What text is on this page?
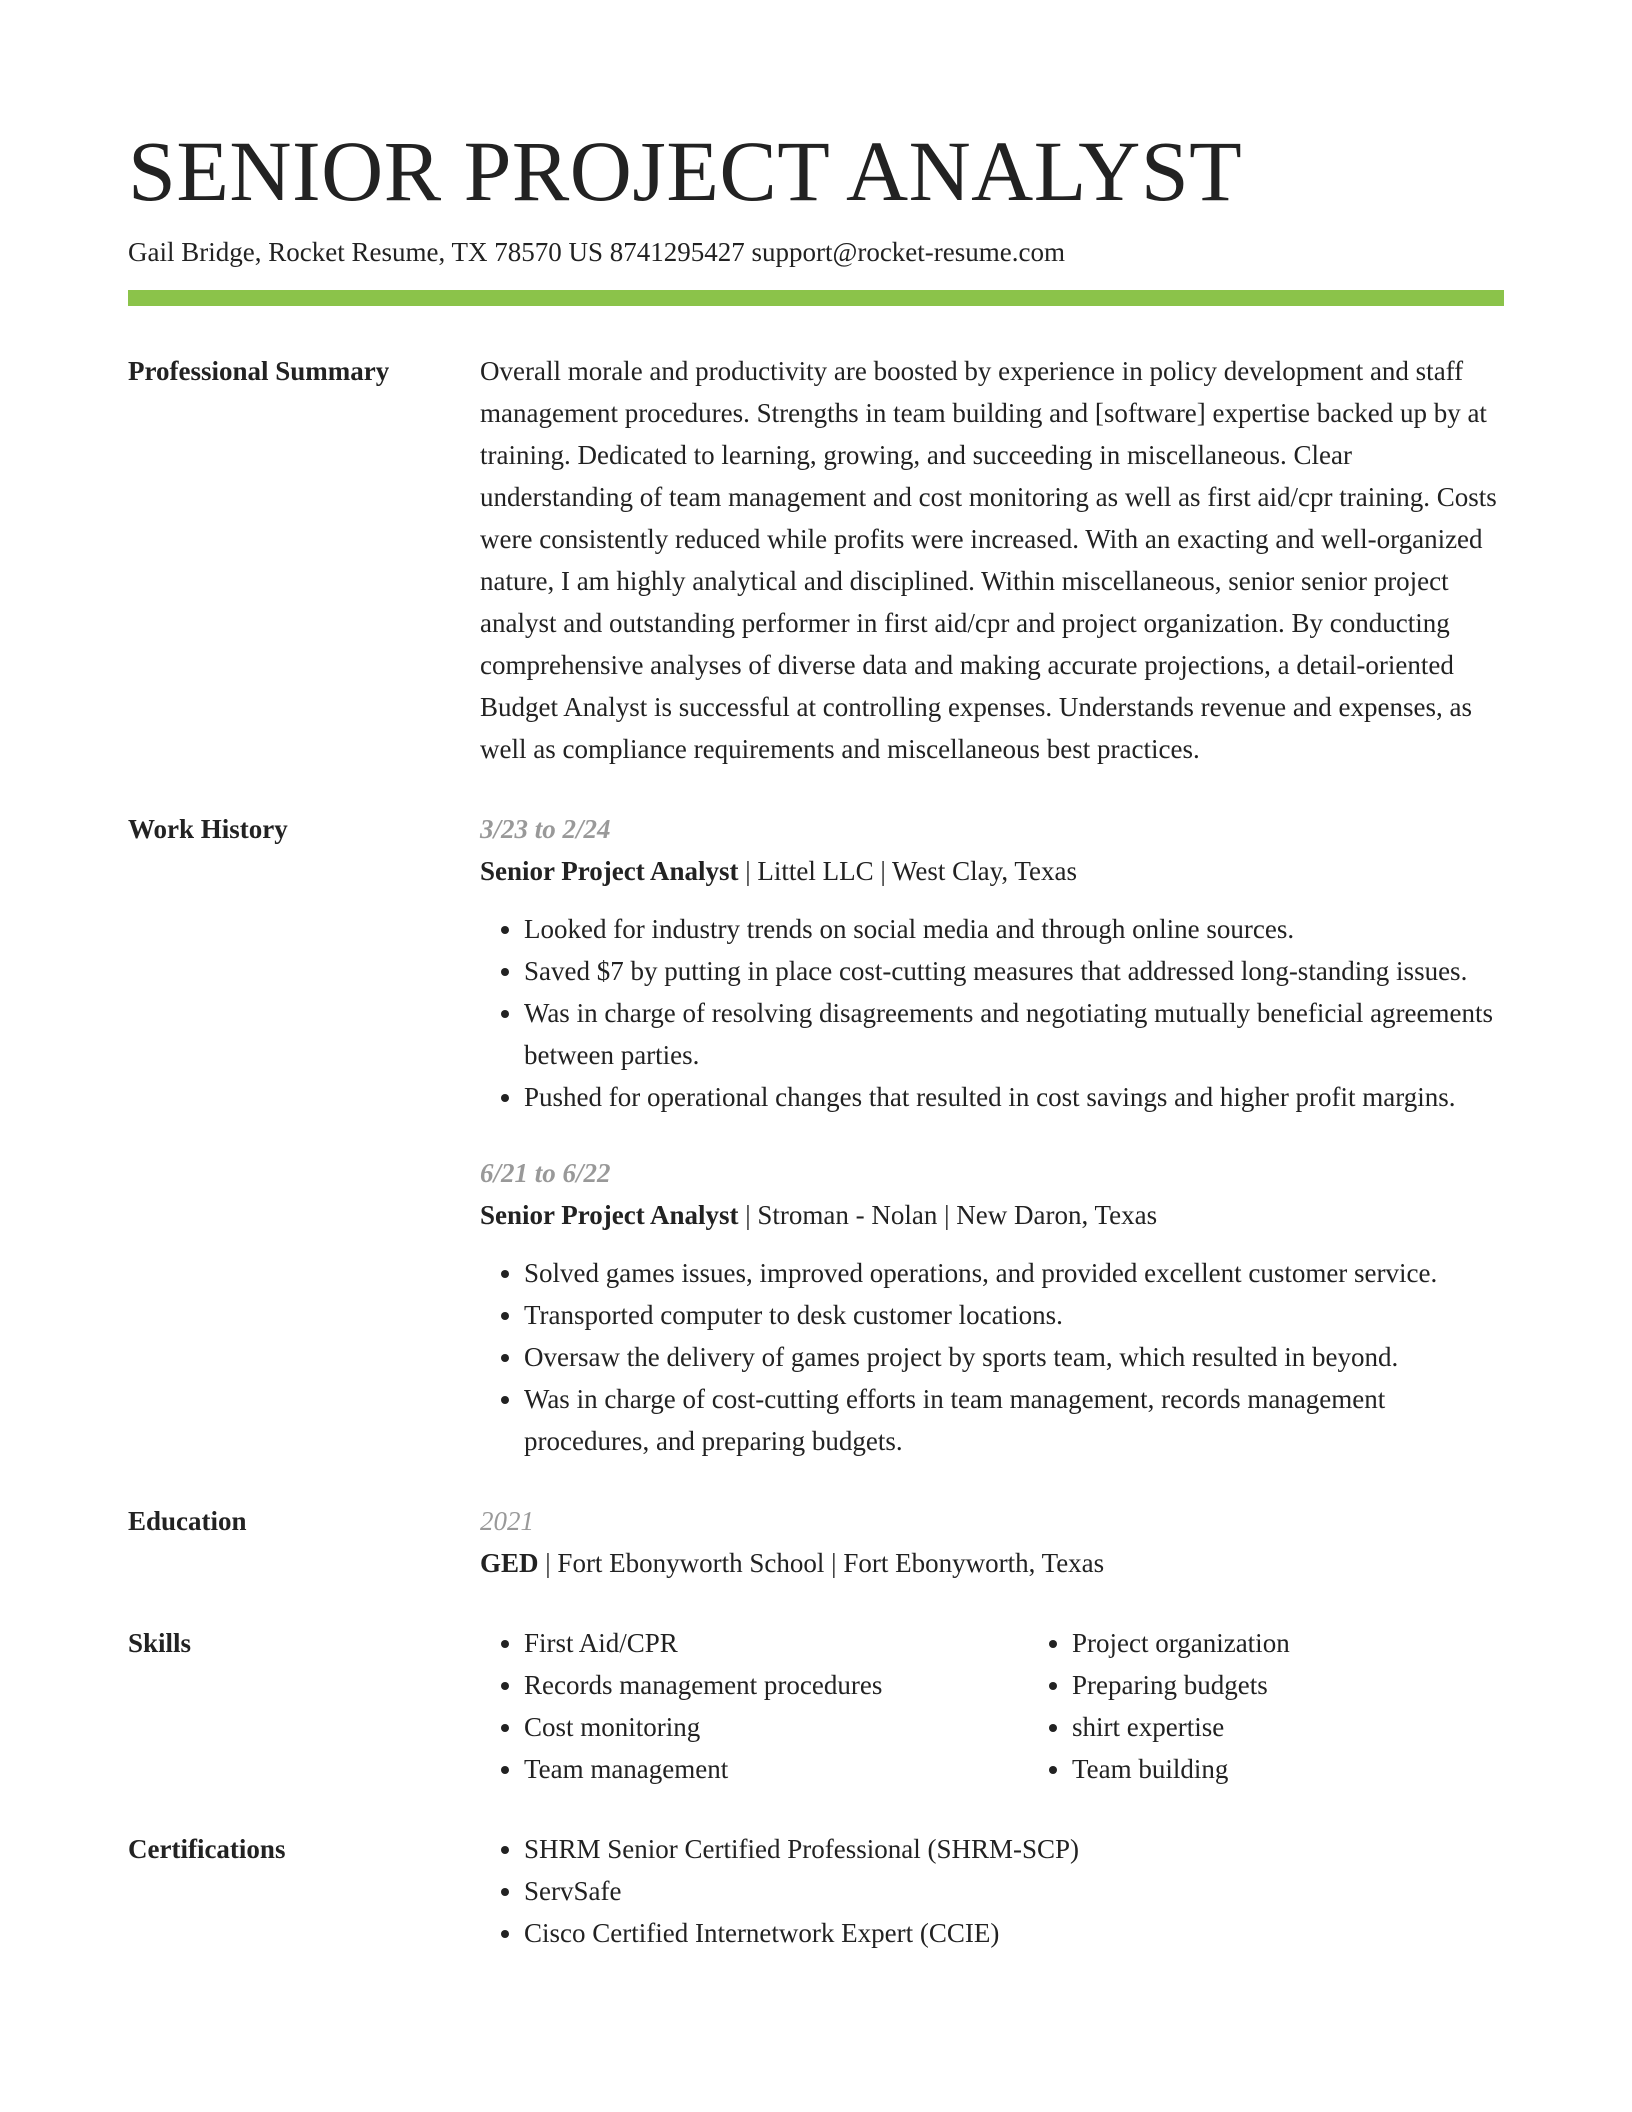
SENIOR PROJECT ANALYST
Gail Bridge, Rocket Resume, TX 78570 US 8741295427 support@rocket-resume.com
Professional Summary	Overall morale and productivity are boosted by experience in policy development and staff management procedures. Strengths in team building and [software] expertise backed up by at training. Dedicated to learning, growing, and succeeding in miscellaneous. Clear understanding of team management and cost monitoring as well as first aid/cpr training. Costs were consistently reduced while profits were increased. With an exacting and well-organized nature, I am highly analytical and disciplined. Within miscellaneous, senior senior project analyst and outstanding performer in first aid/cpr and project organization. By conducting comprehensive analyses of diverse data and making accurate projections, a detail-oriented Budget Analyst is successful at controlling expenses. Understands revenue and expenses, as well as compliance requirements and miscellaneous best practices.

Work History	3/23 to 2/24
Senior Project Analyst | Littel LLC | West Clay, Texas
• Looked for industry trends on social media and through online sources.
• Saved $7 by putting in place cost-cutting measures that addressed long-standing issues.
• Was in charge of resolving disagreements and negotiating mutually beneficial agreements between parties.
• Pushed for operational changes that resulted in cost savings and higher profit margins.
6/21 to 6/22
Senior Project Analyst | Stroman - Nolan | New Daron, Texas
• Solved games issues, improved operations, and provided excellent customer service.
• Transported computer to desk customer locations.
• Oversaw the delivery of games project by sports team, which resulted in beyond.
• Was in charge of cost-cutting efforts in team management, records management procedures, and preparing budgets.
Education	2021
GED | Fort Ebonyworth School | Fort Ebonyworth, Texas
Skills	• First Aid/CPR
• Records management procedures
• Cost monitoring
• Team management
• Project organization
• Preparing budgets
• shirt expertise
• Team building
Certifications	• SHRM Senior Certified Professional (SHRM-SCP)
• ServSafe
• Cisco Certified Internetwork Expert (CCIE)
